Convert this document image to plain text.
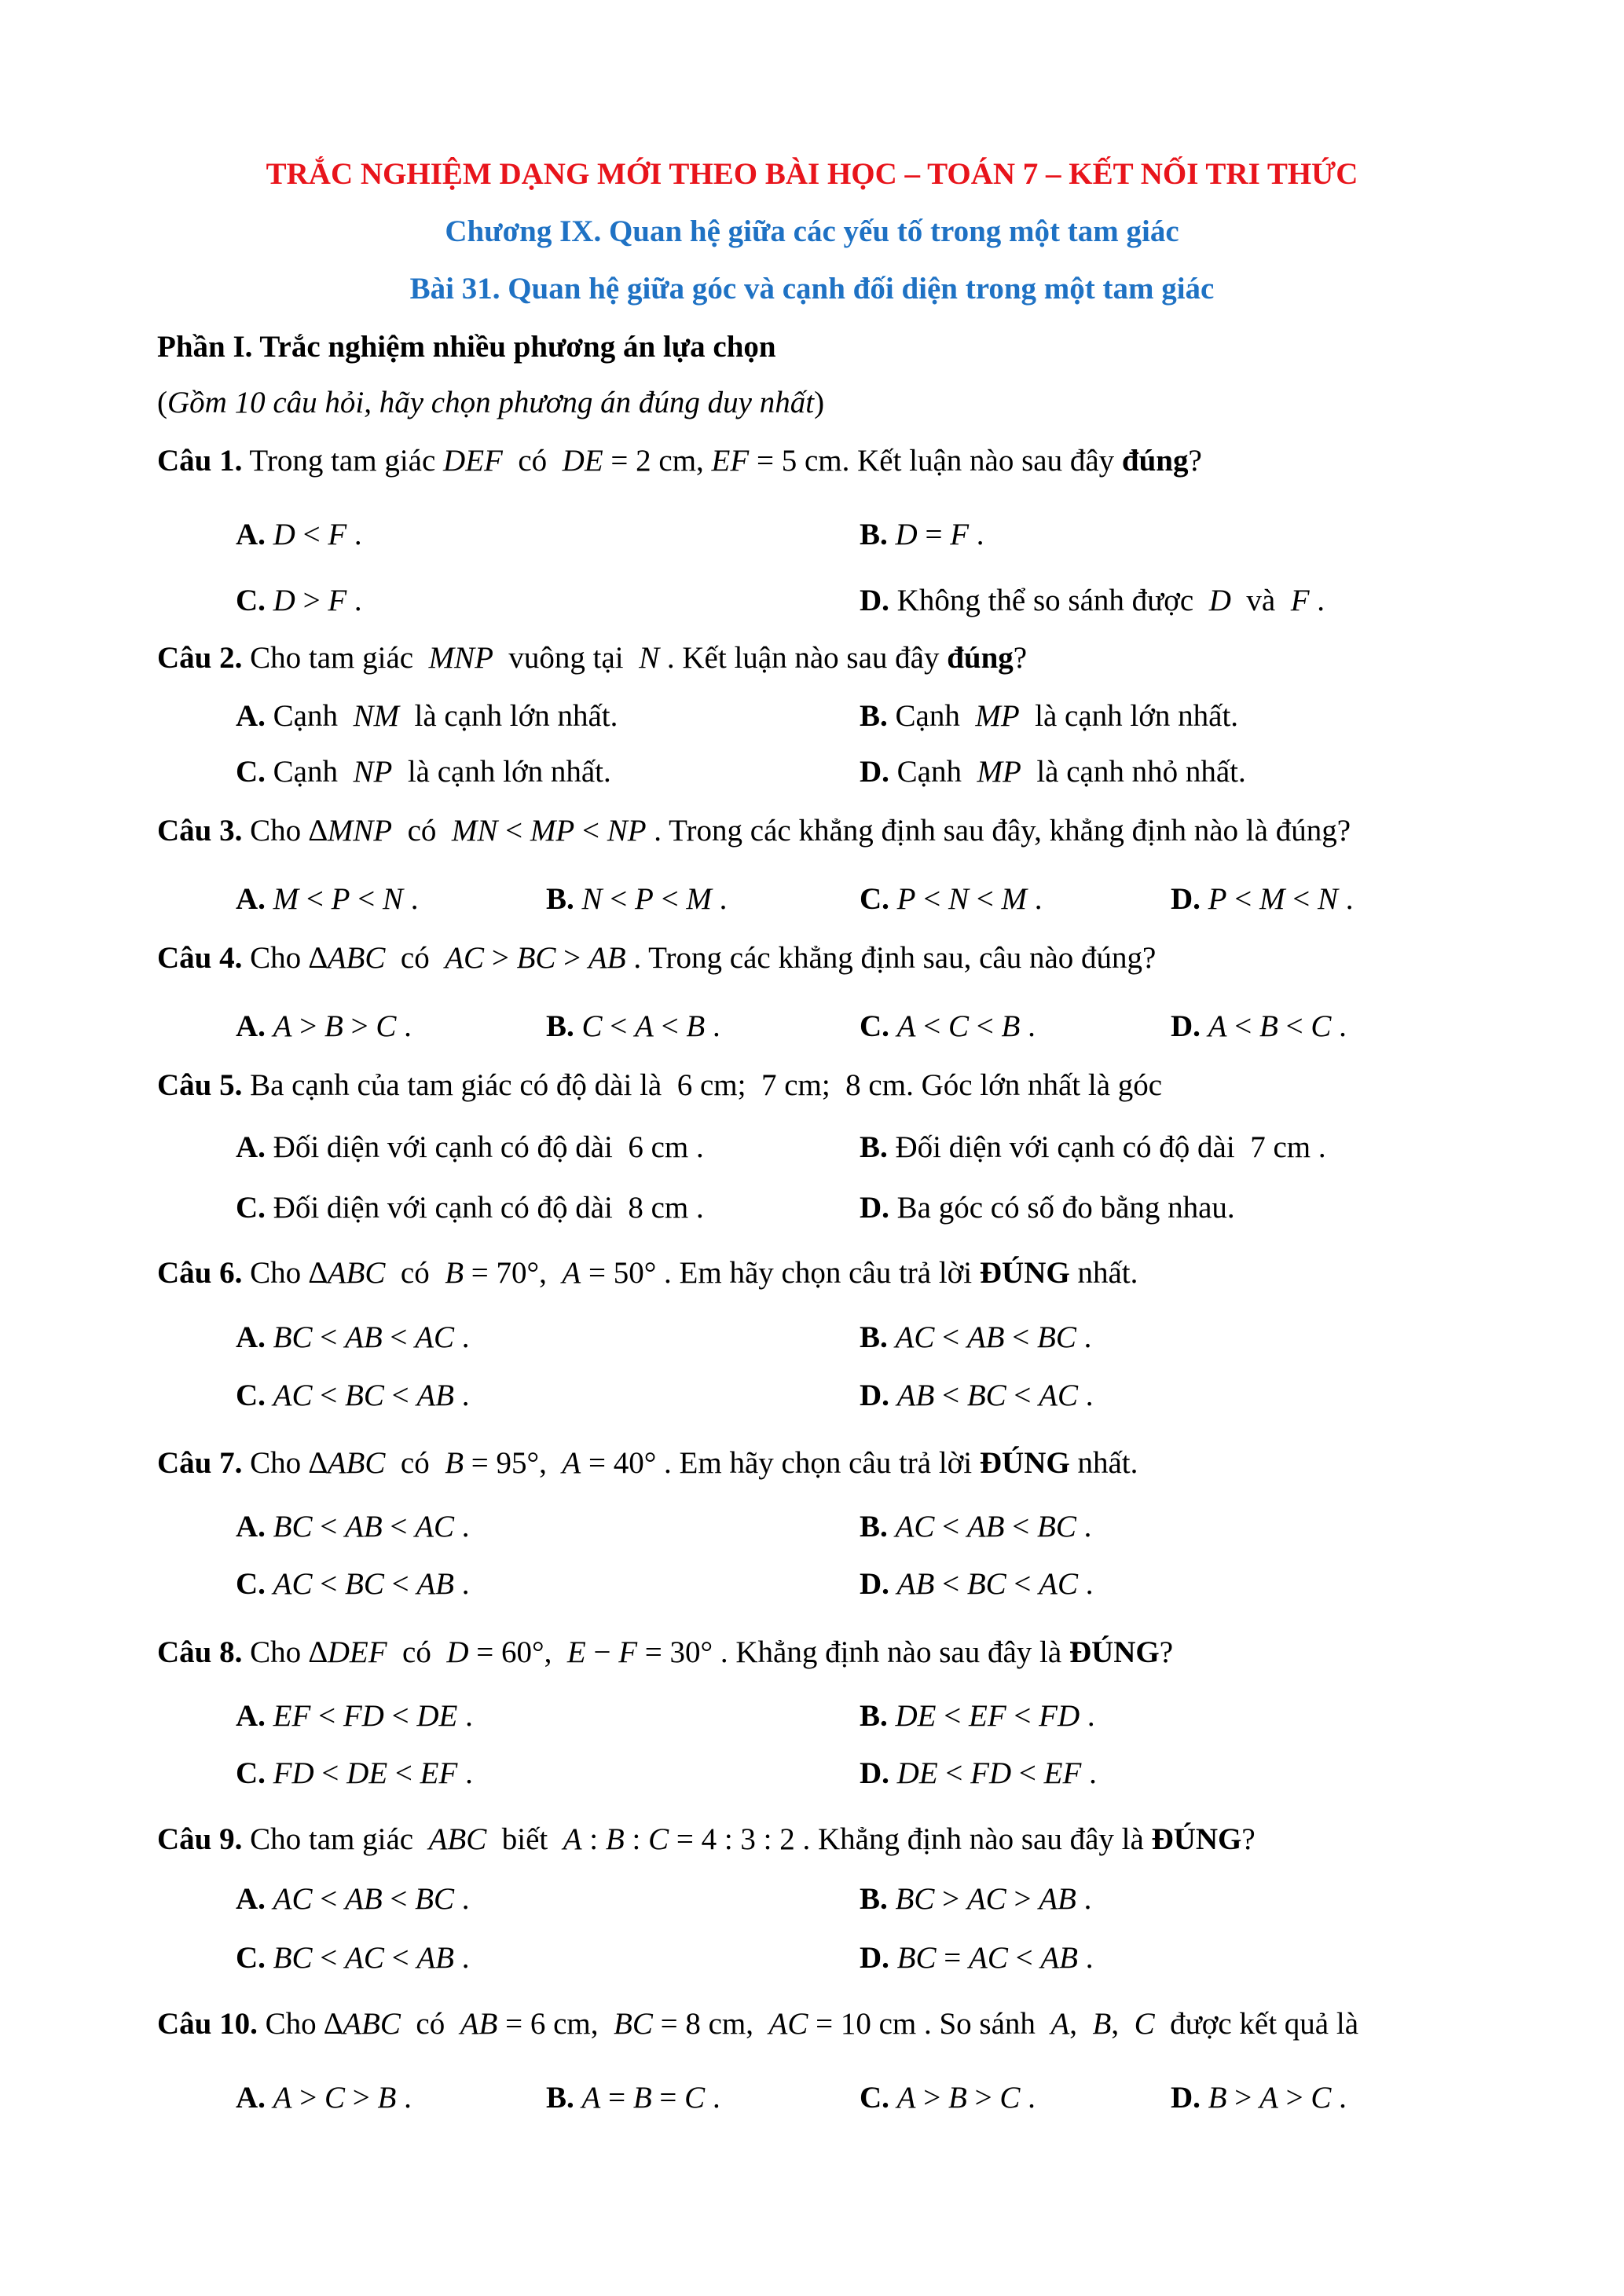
TRẮC NGHIỆM DẠNG MỚI THEO BÀI HỌC – TOÁN 7 – KẾT NỐI TRI THỨC
Chương IX. Quan hệ giữa các yếu tố trong một tam giác
Bài 31. Quan hệ giữa góc và cạnh đối diện trong một tam giác
Phần I. Trắc nghiệm nhiều phương án lựa chọn
(Gồm 10 câu hỏi, hãy chọn phương án đúng duy nhất)
Câu 1. Trong tam giác DEF  có  DE = 2 cm, EF = 5 cm. Kết luận nào sau đây đúng?
A. D < F .	B. D = F .
C. D > F .	D. Không thể so sánh được  D  và  F .
Câu 2. Cho tam giác  MNP  vuông tại  N . Kết luận nào sau đây đúng?
A. Cạnh  NM  là cạnh lớn nhất.	B. Cạnh  MP  là cạnh lớn nhất.
C. Cạnh  NP  là cạnh lớn nhất.	D. Cạnh  MP  là cạnh nhỏ nhất.
Câu 3. Cho ∆MNP  có  MN < MP < NP . Trong các khẳng định sau đây, khẳng định nào là đúng?
A. M < P < N .	B. N < P < M .	C. P < N < M .	D. P < M < N .
Câu 4. Cho ∆ABC  có  AC > BC > AB . Trong các khẳng định sau, câu nào đúng?
A. A > B > C .	B. C < A < B .	C. A < C < B .	D. A < B < C .
Câu 5. Ba cạnh của tam giác có độ dài là  6 cm;  7 cm;  8 cm. Góc lớn nhất là góc
A. Đối diện với cạnh có độ dài  6 cm .	B. Đối diện với cạnh có độ dài  7 cm .
C. Đối diện với cạnh có độ dài  8 cm .	D. Ba góc có số đo bằng nhau.
Câu 6. Cho ∆ABC  có  B = 70°,  A = 50° . Em hãy chọn câu trả lời ĐÚNG nhất.
A. BC < AB < AC .	B. AC < AB < BC .
C. AC < BC < AB .	D. AB < BC < AC .
Câu 7. Cho ∆ABC  có  B = 95°,  A = 40° . Em hãy chọn câu trả lời ĐÚNG nhất.
A. BC < AB < AC .	B. AC < AB < BC .
C. AC < BC < AB .	D. AB < BC < AC .
Câu 8. Cho ∆DEF  có  D = 60°,  E − F = 30° . Khẳng định nào sau đây là ĐÚNG?
A. EF < FD < DE .	B. DE < EF < FD .
C. FD < DE < EF .	D. DE < FD < EF .
Câu 9. Cho tam giác  ABC  biết  A : B : C = 4 : 3 : 2 . Khẳng định nào sau đây là ĐÚNG?
A. AC < AB < BC .	B. BC > AC > AB .
C. BC < AC < AB .	D. BC = AC < AB .
Câu 10. Cho ∆ABC  có  AB = 6 cm,  BC = 8 cm,  AC = 10 cm . So sánh  A,  B,  C  được kết quả là
A. A > C > B .	B. A = B = C .	C. A > B > C .	D. B > A > C .
